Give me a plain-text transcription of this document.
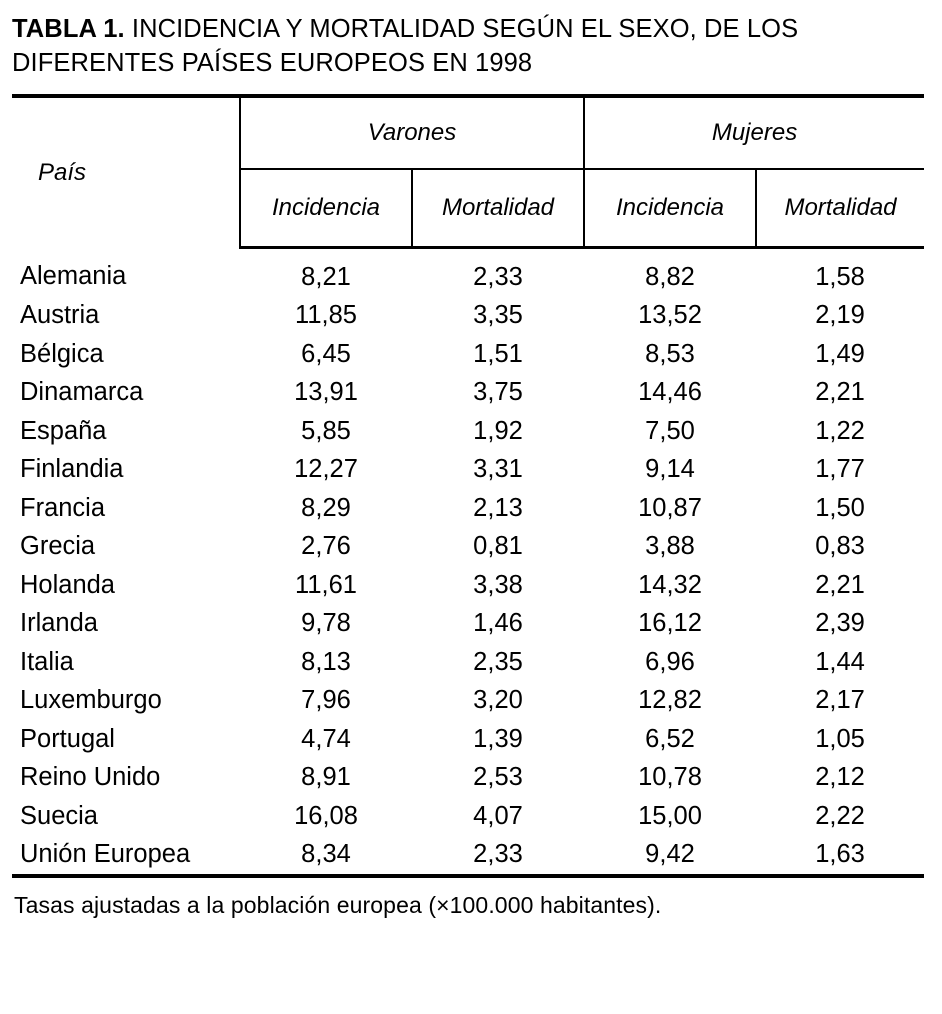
TABLA 1. INCIDENCIA Y MORTALIDAD SEGÚN EL SEXO, DE LOS DIFERENTES PAÍSES EUROPEOS EN 1998
País	Varones		Mujeres	
	Incidencia	Mortalidad	Incidencia	Mortalidad
Alemania	8,21	2,33	8,82	1,58
Austria	11,85	3,35	13,52	2,19
Bélgica	6,45	1,51	8,53	1,49
Dinamarca	13,91	3,75	14,46	2,21
España	5,85	1,92	7,50	1,22
Finlandia	12,27	3,31	9,14	1,77
Francia	8,29	2,13	10,87	1,50
Grecia	2,76	0,81	3,88	0,83
Holanda	11,61	3,38	14,32	2,21
Irlanda	9,78	1,46	16,12	2,39
Italia	8,13	2,35	6,96	1,44
Luxemburgo	7,96	3,20	12,82	2,17
Portugal	4,74	1,39	6,52	1,05
Reino Unido	8,91	2,53	10,78	2,12
Suecia	16,08	4,07	15,00	2,22
Unión Europea	8,34	2,33	9,42	1,63
Tasas ajustadas a la población europea (×100.000 habitantes).
